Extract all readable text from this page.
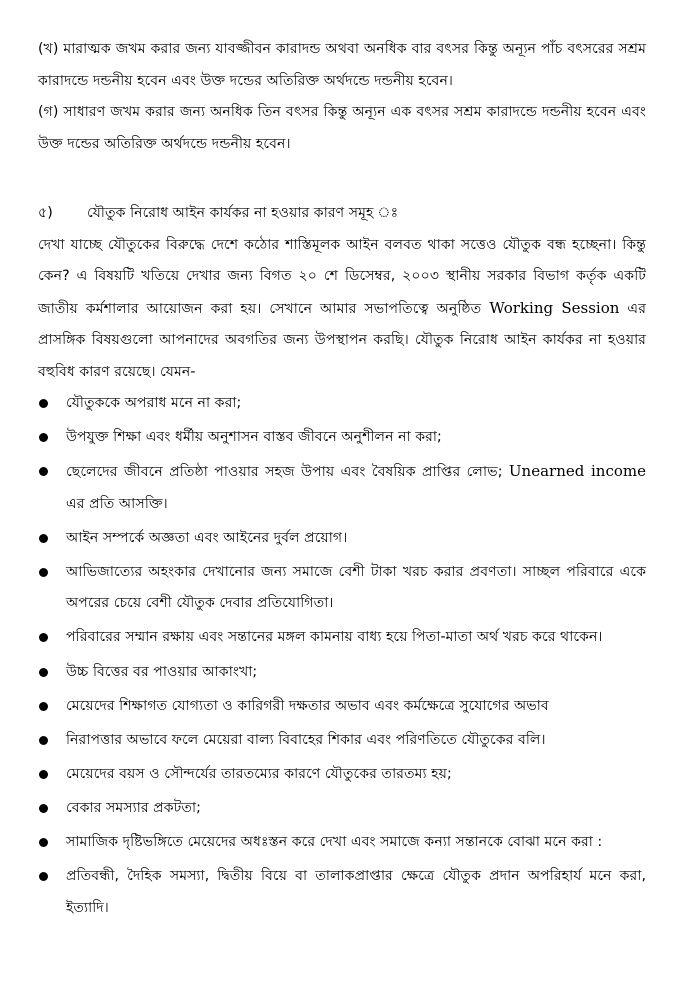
(খ) মারাত্মক জখম করার জন্য যাবজ্জীবন কারাদন্ড অথবা অনধিক বার বৎসর কিন্তু অন্যূন পাঁচ বৎসরের সশ্রম কারাদন্ডে দন্ডনীয় হবেন এবং উক্ত দন্ডের অতিরিক্ত অর্থদন্ডে দন্ডনীয় হবেন।

(গ) সাধারণ জখম করার জন্য অনধিক তিন বৎসর কিন্তু অন্যূন এক বৎসর সশ্রম কারাদন্ডে দন্ডনীয় হবেন এবং উক্ত দন্ডের অতিরিক্ত অর্থদন্ডে দন্ডনীয় হবেন।

৫)	যৌতুক নিরোধ আইন কার্যকর না হওয়ার কারণ সমূহ ঃ

দেখা যাচ্ছে যৌতুকের বিরুদ্ধে দেশে কঠোর শাস্তিমূলক আইন বলবত থাকা সত্তেও যৌতুক বন্ধ হচ্ছেনা। কিন্তু কেন? এ বিষয়টি খতিয়ে দেখার জন্য বিগত ২০ শে ডিসেম্বর, ২০০৩ স্থানীয় সরকার বিভাগ কর্তৃক একটি জাতীয় কর্মশালার আয়োজন করা হয়। সেখানে আমার সভাপতিত্বে অনুষ্ঠিত Working Session এর প্রাসঙ্গিক বিষয়গুলো আপনাদের অবগতির জন্য উপস্থাপন করছি। যৌতুক নিরোধ আইন কার্যকর না হওয়ার বহুবিধ কারণ রয়েছে। যেমন-

যৌতুককে অপরাধ মনে না করা;
উপযুক্ত শিক্ষা এবং ধর্মীয় অনুশাসন বাস্তব জীবনে অনুশীলন না করা;
ছেলেদের জীবনে প্রতিষ্ঠা পাওয়ার সহজ উপায় এবং বৈষয়িক প্রাপ্তির লোভ; Unearned income এর প্রতি আসক্তি।
আইন সম্পর্কে অজ্ঞতা এবং আইনের দুর্বল প্রয়োগ।
আভিজাত্যের অহংকার দেখানোর জন্য সমাজে বেশী টাকা খরচ করার প্রবণতা। সাচ্ছল পরিবারে একে অপরের চেয়ে বেশী যৌতুক দেবার প্রতিযোগিতা।
পরিবারের সম্মান রক্ষায় এবং সন্তানের মঙ্গল কামনায় বাধ্য হয়ে পিতা-মাতা অর্থ খরচ করে থাকেন।
উচ্চ বিত্তের বর পাওয়ার আকাংখা;
মেয়েদের শিক্ষাগত যোগ্যতা ও কারিগরী দক্ষতার অভাব এবং কর্মক্ষেত্রে সুযোগের অভাব
নিরাপত্তার অভাবে ফলে মেয়েরা বাল্য বিবাহের শিকার এবং পরিণতিতে যৌতুকের বলি।
মেয়েদের বয়স ও সৌন্দর্যের তারতম্যের কারণে যৌতুকের তারতম্য হয়;
বেকার সমস্যার প্রকটতা;
সামাজিক দৃষ্টিভঙ্গিতে মেয়েদের অধঃস্তন করে দেখা এবং সমাজে কন্যা সন্তানকে বোঝা মনে করা :
প্রতিবন্ধী, দৈহিক সমস্যা, দ্বিতীয় বিয়ে বা তালাকপ্রাপ্তার ক্ষেত্রে যৌতুক প্রদান অপরিহার্য মনে করা, ইত্যাদি।
